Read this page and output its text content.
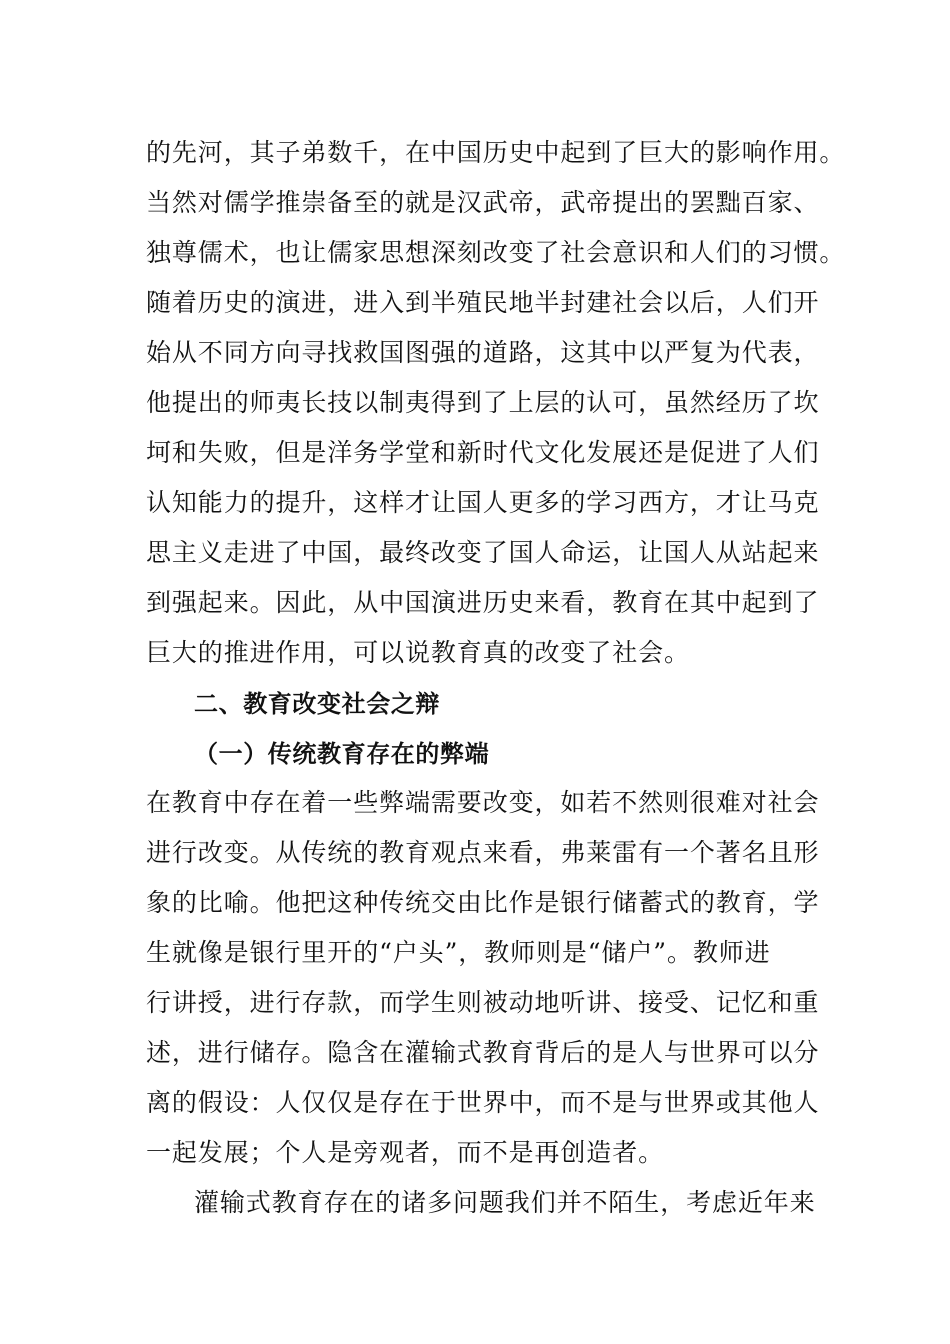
的先河，其子弟数千，在中国历史中起到了巨大的影响作用。
当然对儒学推崇备至的就是汉武帝，武帝提出的罢黜百家、
独尊儒术，也让儒家思想深刻改变了社会意识和人们的习惯。
随着历史的演进，进入到半殖民地半封建社会以后，人们开
始从不同方向寻找救国图强的道路，这其中以严复为代表，
他提出的师夷长技以制夷得到了上层的认可，虽然经历了坎
坷和失败，但是洋务学堂和新时代文化发展还是促进了人们
认知能力的提升，这样才让国人更多的学习西方，才让马克
思主义走进了中国，最终改变了国人命运，让国人从站起来
到强起来。因此，从中国演进历史来看，教育在其中起到了
巨大的推进作用，可以说教育真的改变了社会。
二、教育改变社会之辩
（一）传统教育存在的弊端
在教育中存在着一些弊端需要改变，如若不然则很难对社会
进行改变。从传统的教育观点来看，弗莱雷有一个著名且形
象的比喻。他把这种传统交由比作是银行储蓄式的教育，学
生就像是银行里开的“户头”，教师则是“储户”。教师进
行讲授，进行存款，而学生则被动地听讲、接受、记忆和重
述，进行储存。隐含在灌输式教育背后的是人与世界可以分
离的假设：人仅仅是存在于世界中，而不是与世界或其他人
一起发展；个人是旁观者，而不是再创造者。
灌输式教育存在的诸多问题我们并不陌生，考虑近年来
